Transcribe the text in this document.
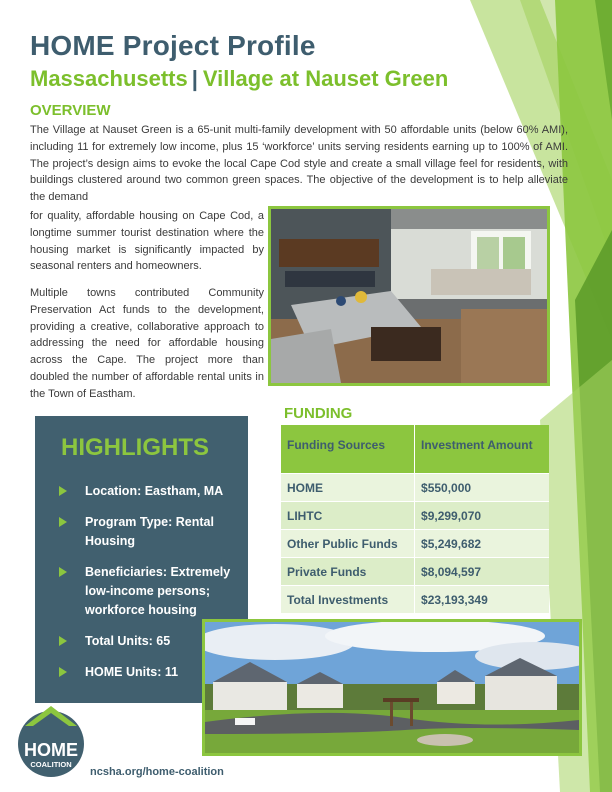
HOME Project Profile
Massachusetts | Village at Nauset Green
OVERVIEW

The Village at Nauset Green is a 65-unit multi-family development with 50 affordable units (below 60% AMI), including 11 for extremely low income, plus 15 ‘workforce’ units serving residents earning up to 100% of AMI. The project’s design aims to evoke the local Cape Cod style and create a small village feel for residents, with buildings clustered around two common green spaces. The objective of the development is to help alleviate the demand

for quality, affordable housing on Cape Cod, a longtime summer tourist destination where the housing market is significantly impacted by seasonal renters and homeowners.

Multiple towns contributed Community Preservation Act funds to the development, providing a creative, collaborative approach to addressing the need for affordable housing across the Cape. The project more than doubled the number of affordable rental units in the Town of Eastham.

FUNDING
HIGHLIGHTS
Location: Eastham, MA
Program Type: Rental Housing
Beneficiaries: Extremely low-income persons; workforce housing
Total Units: 65
HOME Units: 11
Funding Sources	Investment Amount
HOME	$550,000
LIHTC	$9,299,070
Other Public Funds	$5,249,682
Private Funds	$8,094,597
Total Investments	$23,193,349
HOME
COALITION
ncsha.org/home-coalition
